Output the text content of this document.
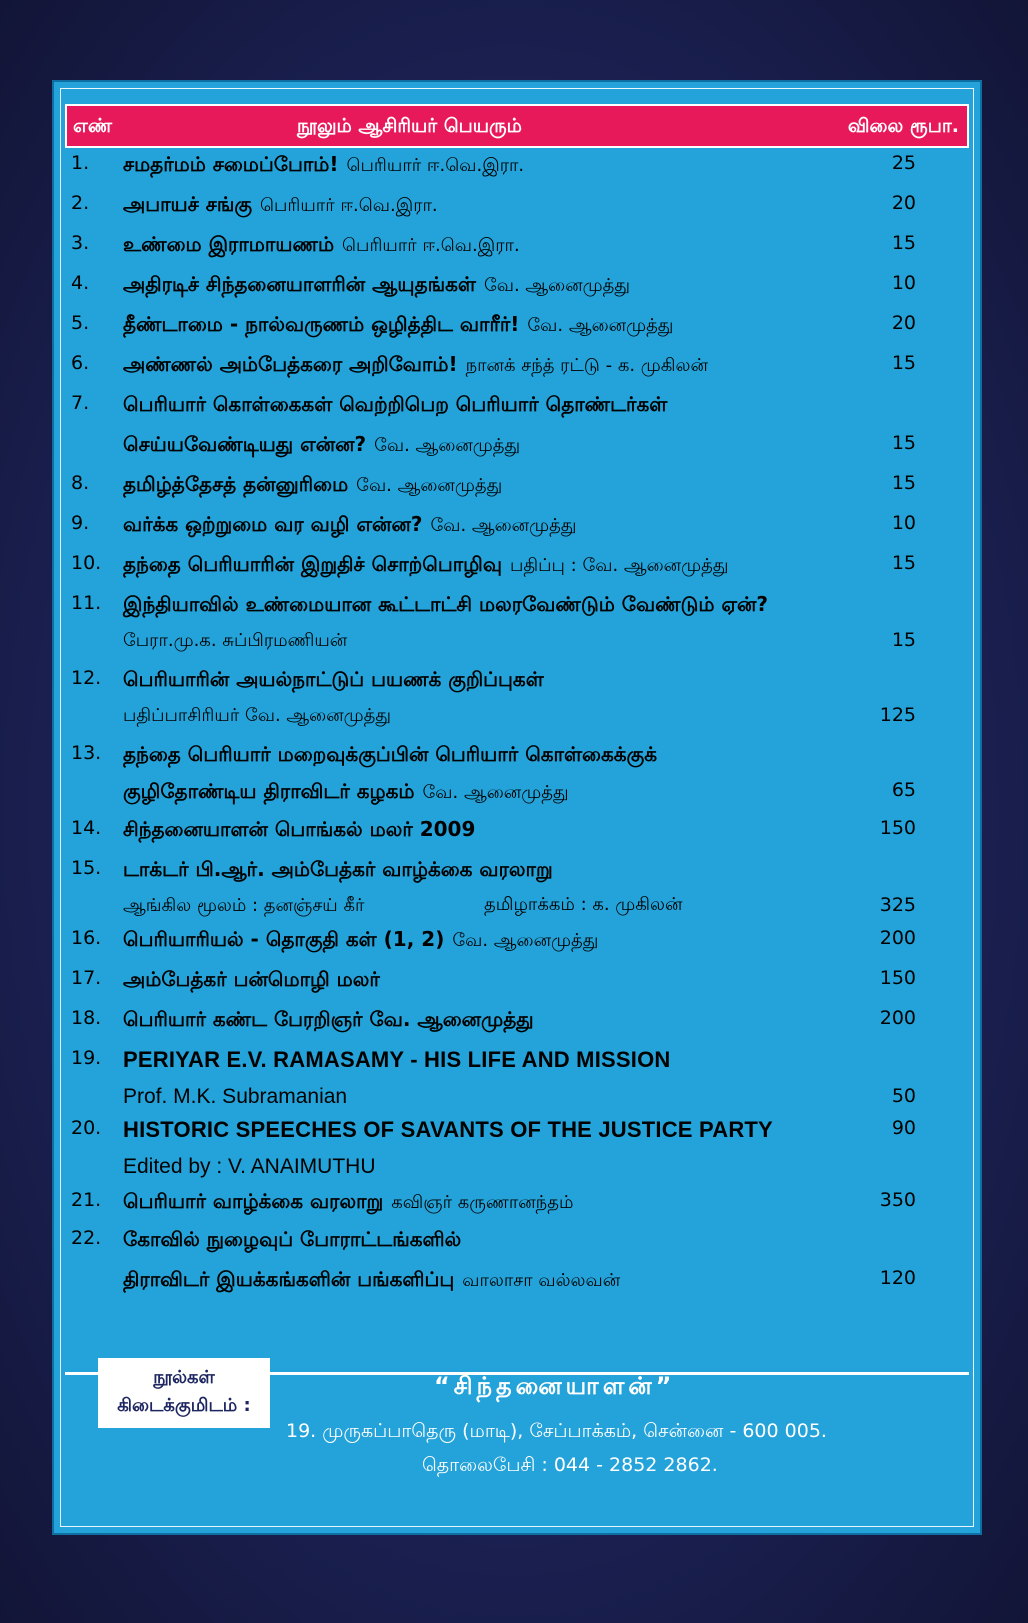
எண்	நூலும் ஆசிரியர் பெயரும்	விலை ரூபா.
1. சமதர்மம் சமைப்போம்! பெரியார் ஈ.வெ.இரா.	25
2. அபாயச் சங்கு பெரியார் ஈ.வெ.இரா.	20
3. உண்மை இராமாயணம் பெரியார் ஈ.வெ.இரா.	15
4. அதிரடிச் சிந்தனையாளரின் ஆயுதங்கள் வே. ஆனைமுத்து	10
5. தீண்டாமை - நால்வருணம் ஒழித்திட வாரீர்! வே. ஆனைமுத்து	20
6. அண்ணல் அம்பேத்கரை அறிவோம்! நானக் சந்த் ரட்டு - க. முகிலன்	15
7. பெரியார் கொள்கைகள் வெற்றிபெற பெரியார் தொண்டர்கள்
செய்யவேண்டியது என்ன? வே. ஆனைமுத்து	15
8. தமிழ்த்தேசத் தன்னுரிமை வே. ஆனைமுத்து	15
9. வர்க்க ஒற்றுமை வர வழி என்ன? வே. ஆனைமுத்து	10
10. தந்தை பெரியாரின் இறுதிச் சொற்பொழிவு பதிப்பு : வே. ஆனைமுத்து	15
11. இந்தியாவில் உண்மையான கூட்டாட்சி மலரவேண்டும் வேண்டும் ஏன்?
பேரா.மு.க. சுப்பிரமணியன்	15
12. பெரியாரின் அயல்நாட்டுப் பயணக் குறிப்புகள்
பதிப்பாசிரியர் வே. ஆனைமுத்து	125
13. தந்தை பெரியார் மறைவுக்குப்பின் பெரியார் கொள்கைக்குக்
குழிதோண்டிய திராவிடர் கழகம் வே. ஆனைமுத்து	65
14. சிந்தனையாளன் பொங்கல் மலர் 2009	150
15. டாக்டர் பி.ஆர். அம்பேத்கர் வாழ்க்கை வரலாறு
ஆங்கில மூலம் : தனஞ்சய் கீர்	தமிழாக்கம் : க. முகிலன்	325
16. பெரியாரியல் - தொகுதி கள் (1, 2) வே. ஆனைமுத்து	200
17. அம்பேத்கர் பன்மொழி மலர்	150
18. பெரியார் கண்ட பேரறிஞர் வே. ஆனைமுத்து	200
19. PERIYAR E.V. RAMASAMY - HIS LIFE AND MISSION
Prof. M.K. Subramanian	50
20. HISTORIC SPEECHES OF SAVANTS OF THE JUSTICE PARTY	90
Edited by : V. ANAIMUTHU
21. பெரியார் வாழ்க்கை வரலாறு கவிஞர் கருணானந்தம்	350
22. கோவில் நுழைவுப் போராட்டங்களில்
திராவிடர் இயக்கங்களின் பங்களிப்பு வாலாசா வல்லவன்	120
நூல்கள்
கிடைக்குமிடம் :
“சிந்தனையாளன்”
19. முருகப்பாதெரு (மாடி), சேப்பாக்கம், சென்னை - 600 005.
தொலைபேசி : 044 - 2852 2862.
